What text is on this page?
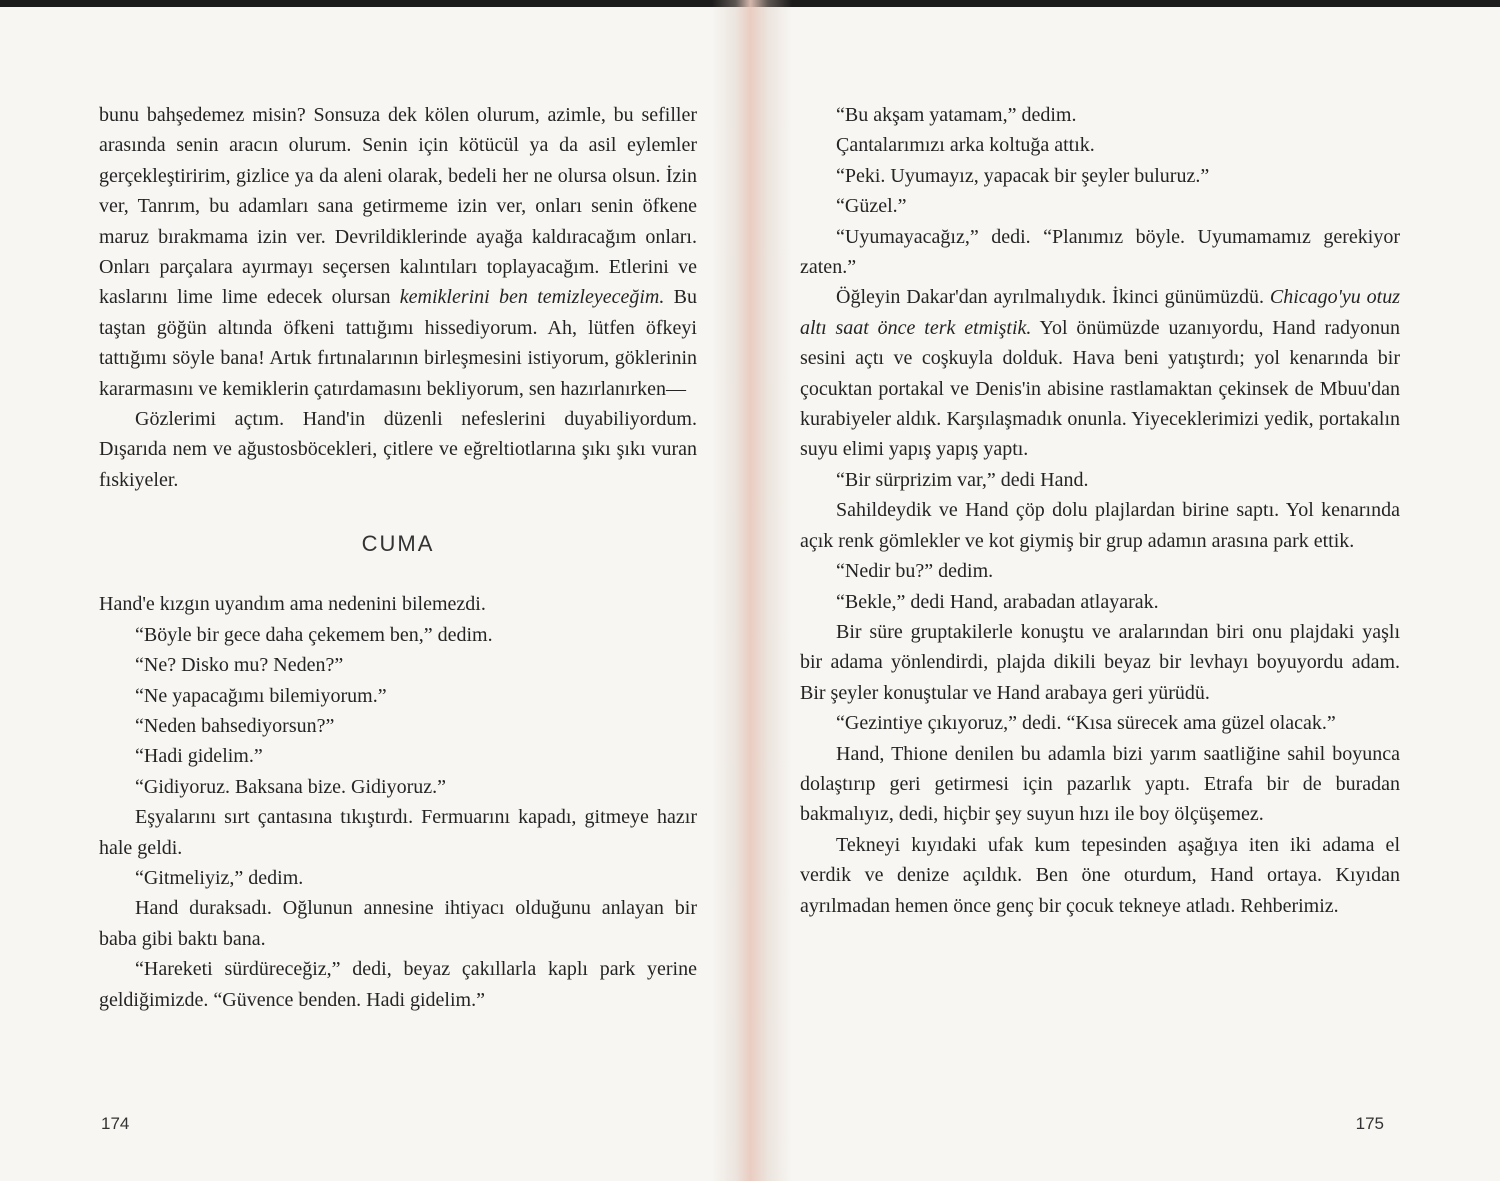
bunu bahşedemez misin? Sonsuza dek kölen olurum, azimle, bu sefiller arasında senin aracın olurum. Senin için kötücül ya da asil eylemler gerçekleştiririm, gizlice ya da aleni olarak, bedeli her ne olursa olsun. İzin ver, Tanrım, bu adamları sana getirmeme izin ver, onları senin öfkene maruz bırakmama izin ver. Devrildiklerinde ayağa kaldıracağım onları. Onları parçalara ayırmayı seçersen kalıntıları toplayacağım. Etlerini ve kaslarını lime lime edecek olursan kemiklerini ben temizleyeceğim. Bu taştan göğün altında öfkeni tattığımı hissediyorum. Ah, lütfen öfkeyi tattığımı söyle bana! Artık fırtınalarının birleşmesini istiyorum, göklerinin kararmasını ve kemiklerin çatırdamasını bekliyorum, sen hazırlanırken—

Gözlerimi açtım. Hand'in düzenli nefeslerini duyabiliyordum. Dışarıda nem ve ağustosböcekleri, çitlere ve eğreltiotlarına şıkı şıkı vuran fıskiyeler.

CUMA

Hand'e kızgın uyandım ama nedenini bilemezdi.

“Böyle bir gece daha çekemem ben,” dedim.

“Ne? Disko mu? Neden?”

“Ne yapacağımı bilemiyorum.”

“Neden bahsediyorsun?”

“Hadi gidelim.”

“Gidiyoruz. Baksana bize. Gidiyoruz.”

Eşyalarını sırt çantasına tıkıştırdı. Fermuarını kapadı, gitmeye hazır hale geldi.

“Gitmeliyiz,” dedim.

Hand duraksadı. Oğlunun annesine ihtiyacı olduğunu anlayan bir baba gibi baktı bana.

“Hareketi sürdüreceğiz,” dedi, beyaz çakıllarla kaplı park yerine geldiğimizde. “Güvence benden. Hadi gidelim.”

174

“Bu akşam yatamam,” dedim.

Çantalarımızı arka koltuğa attık.

“Peki. Uyumayız, yapacak bir şeyler buluruz.”

“Güzel.”

“Uyumayacağız,” dedi. “Planımız böyle. Uyumamamız gerekiyor zaten.”

Öğleyin Dakar'dan ayrılmalıydık. İkinci günümüzdü. Chicago'yu otuz altı saat önce terk etmiştik. Yol önümüzde uzanıyordu, Hand radyonun sesini açtı ve coşkuyla dolduk. Hava beni yatıştırdı; yol kenarında bir çocuktan portakal ve Denis'in abisine rastlamaktan çekinsek de Mbuu'dan kurabiyeler aldık. Karşılaşmadık onunla. Yiyeceklerimizi yedik, portakalın suyu elimi yapış yapış yaptı.

“Bir sürprizim var,” dedi Hand.

Sahildeydik ve Hand çöp dolu plajlardan birine saptı. Yol kenarında açık renk gömlekler ve kot giymiş bir grup adamın arasına park ettik.

“Nedir bu?” dedim.

“Bekle,” dedi Hand, arabadan atlayarak.

Bir süre gruptakilerle konuştu ve aralarından biri onu plajdaki yaşlı bir adama yönlendirdi, plajda dikili beyaz bir levhayı boyuyordu adam. Bir şeyler konuştular ve Hand arabaya geri yürüdü.

“Gezintiye çıkıyoruz,” dedi. “Kısa sürecek ama güzel olacak.”

Hand, Thione denilen bu adamla bizi yarım saatliğine sahil boyunca dolaştırıp geri getirmesi için pazarlık yaptı. Etrafa bir de buradan bakmalıyız, dedi, hiçbir şey suyun hızı ile boy ölçüşemez.

Tekneyi kıyıdaki ufak kum tepesinden aşağıya iten iki adama el verdik ve denize açıldık. Ben öne oturdum, Hand ortaya. Kıyıdan ayrılmadan hemen önce genç bir çocuk tekneye atladı. Rehberimiz.

175
